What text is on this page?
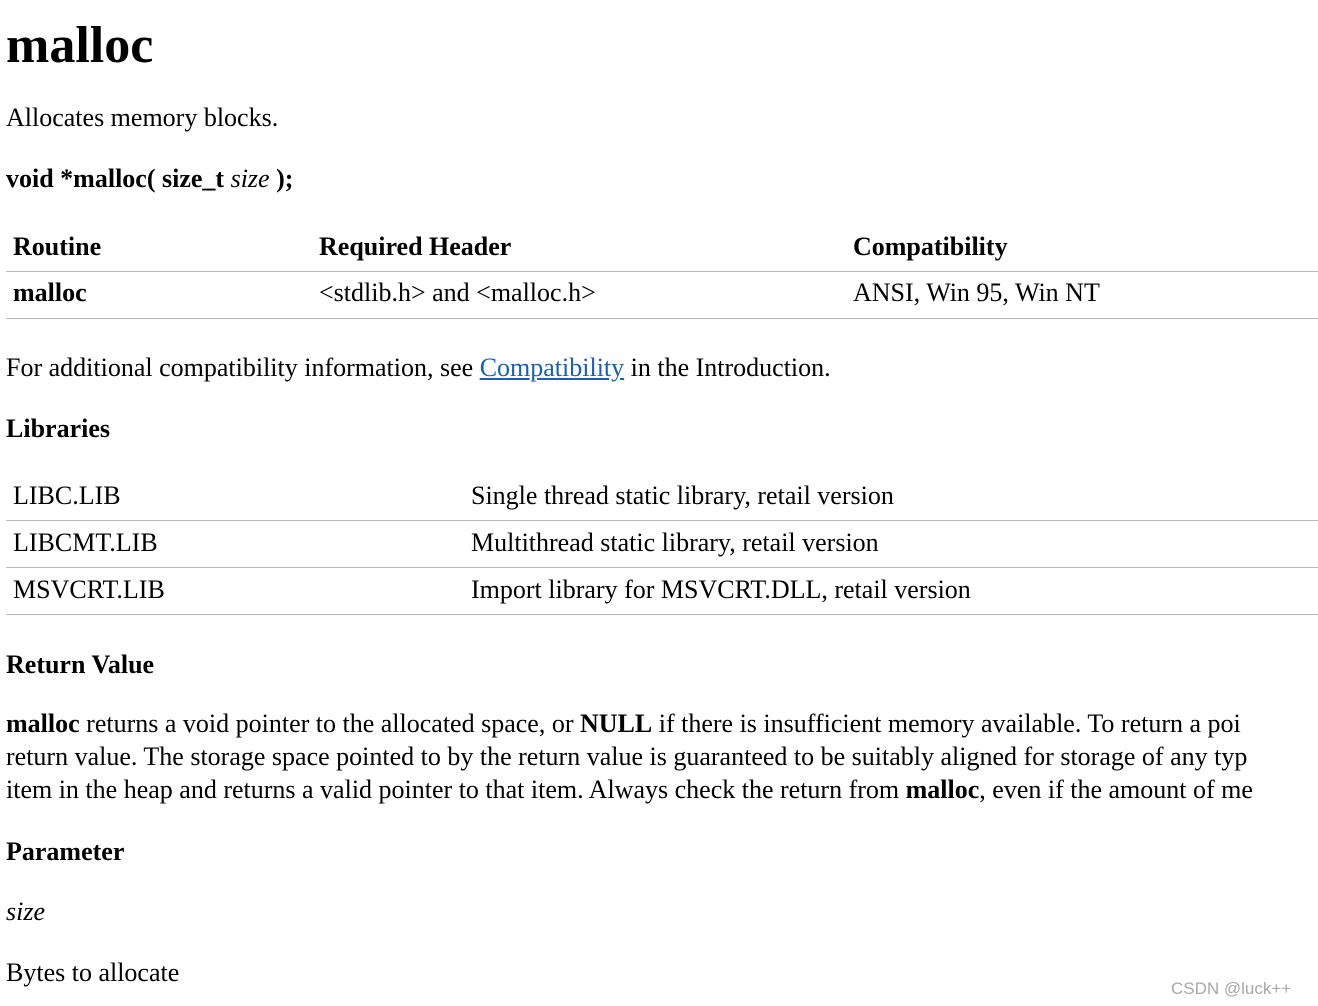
malloc
Allocates memory blocks.
void *malloc( size_t size );
Routine	Required Header	Compatibility
malloc	<stdlib.h> and <malloc.h>	ANSI, Win 95, Win NT
For additional compatibility information, see Compatibility in the Introduction.
Libraries
LIBC.LIB	Single thread static library, retail version
LIBCMT.LIB	Multithread static library, retail version
MSVCRT.LIB	Import library for MSVCRT.DLL, retail version
Return Value
malloc returns a void pointer to the allocated space, or NULL if there is insufficient memory available. To return a poi
return value. The storage space pointed to by the return value is guaranteed to be suitably aligned for storage of any typ
item in the heap and returns a valid pointer to that item. Always check the return from malloc, even if the amount of me
Parameter
size
Bytes to allocate
CSDN @luck++
